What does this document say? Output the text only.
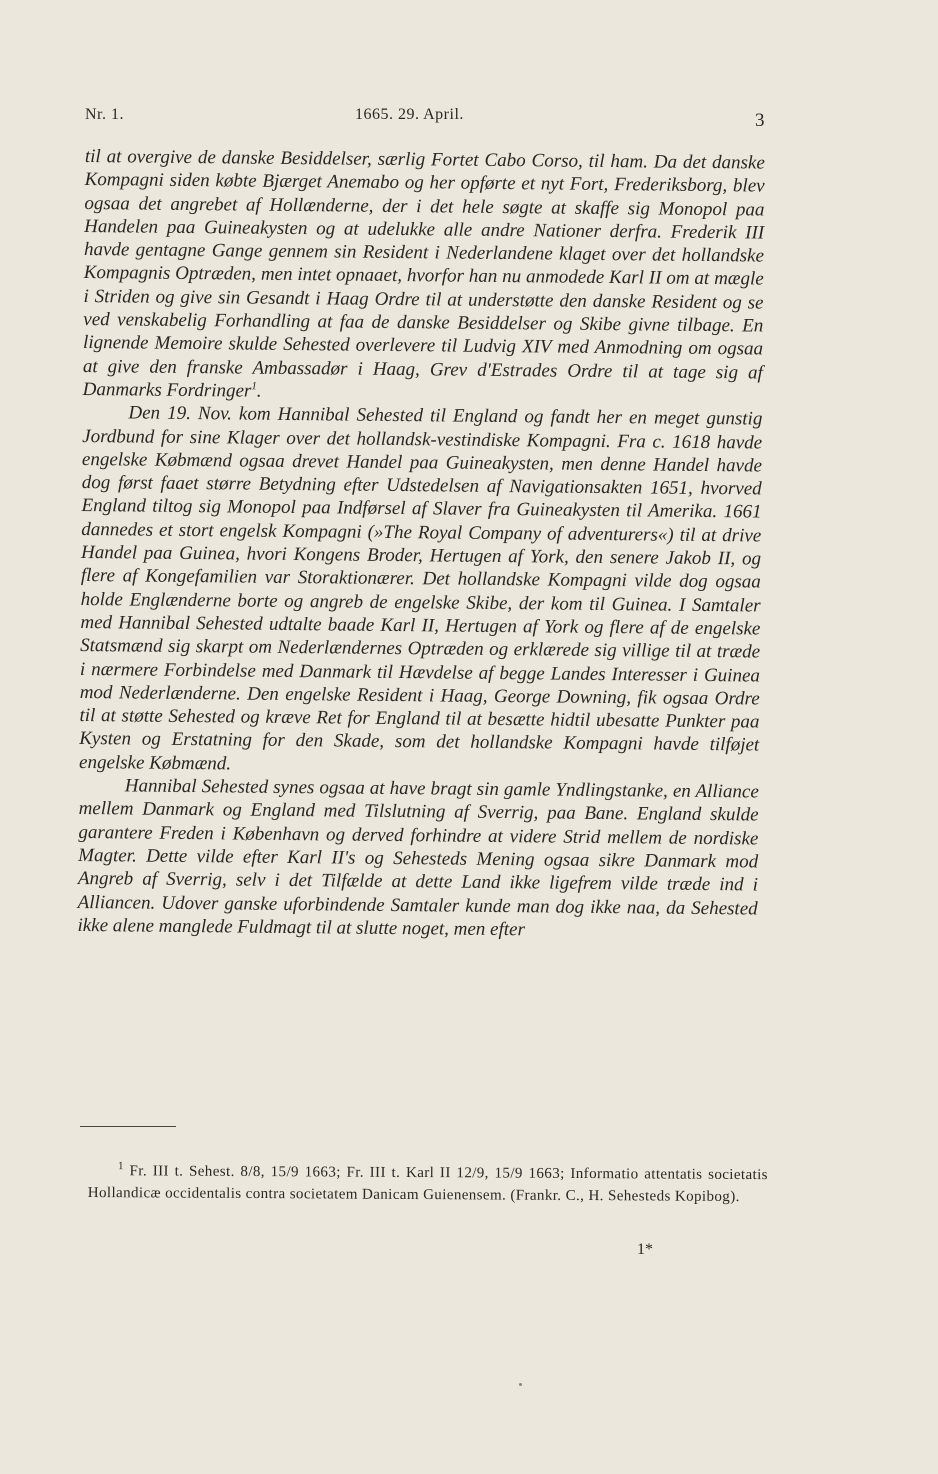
Nr. 1.	1665. 29. April.	3

til at overgive de danske Besiddelser, særlig Fortet Cabo Corso, til ham. Da det danske Kompagni siden købte Bjærget Anemabo og her opførte et nyt Fort, Frederiksborg, blev ogsaa det angrebet af Hollænderne, der i det hele søgte at skaffe sig Monopol paa Handelen paa Guineakysten og at udelukke alle andre Nationer derfra. Frederik III havde gentagne Gange gennem sin Resident i Nederlandene klaget over det hollandske Kompagnis Optræden, men intet opnaaet, hvorfor han nu anmodede Karl II om at mægle i Striden og give sin Gesandt i Haag Ordre til at understøtte den danske Resident og se ved venskabelig Forhandling at faa de danske Besiddelser og Skibe givne tilbage. En lignende Memoire skulde Sehested overlevere til Ludvig XIV med Anmodning om ogsaa at give den franske Ambassadør i Haag, Grev d'Estrades Ordre til at tage sig af Danmarks Fordringer$^1$.

Den 19. Nov. kom Hannibal Sehested til England og fandt her en meget gunstig Jordbund for sine Klager over det hollandsk-vestindiske Kompagni. Fra c. 1618 havde engelske Købmænd ogsaa drevet Handel paa Guineakysten, men denne Handel havde dog først faaet større Betydning efter Udstedelsen af Navigationsakten 1651, hvorved England tiltog sig Monopol paa Indførsel af Slaver fra Guineakysten til Amerika. 1661 dannedes et stort engelsk Kompagni (»The Royal Company of adventurers«) til at drive Handel paa Guinea, hvori Kongens Broder, Hertugen af York, den senere Jakob II, og flere af Kongefamilien var Storaktionærer. Det hollandske Kompagni vilde dog ogsaa holde Englænderne borte og angreb de engelske Skibe, der kom til Guinea. I Samtaler med Hannibal Sehested udtalte baade Karl II, Hertugen af York og flere af de engelske Statsmænd sig skarpt om Nederlændernes Optræden og erklærede sig villige til at træde i nærmere Forbindelse med Danmark til Hævdelse af begge Landes Interesser i Guinea mod Nederlænderne. Den engelske Resident i Haag, George Downing, fik ogsaa Ordre til at støtte Sehested og kræve Ret for England til at besætte hidtil ubesatte Punkter paa Kysten og Erstatning for den Skade, som det hollandske Kompagni havde tilføjet engelske Købmænd.

Hannibal Sehested synes ogsaa at have bragt sin gamle Yndlingstanke, en Alliance mellem Danmark og England med Tilslutning af Sverrig, paa Bane. England skulde garantere Freden i København og derved forhindre at videre Strid mellem de nordiske Magter. Dette vilde efter Karl II's og Sehesteds Mening ogsaa sikre Danmark mod Angreb af Sverrig, selv i det Tilfælde at dette Land ikke ligefrem vilde træde ind i Alliancen. Udover ganske uforbindende Samtaler kunde man dog ikke naa, da Sehested ikke alene manglede Fuldmagt til at slutte noget, men efter

$^1$ Fr. III t. Sehest. 8/8, 15/9 1663; Fr. III t. Karl II 12/9, 15/9 1663; Informatio attentatis societatis Hollandicæ occidentalis contra societatem Danicam Guienensem. (Frankr. C., H. Sehesteds Kopibog).

1*
